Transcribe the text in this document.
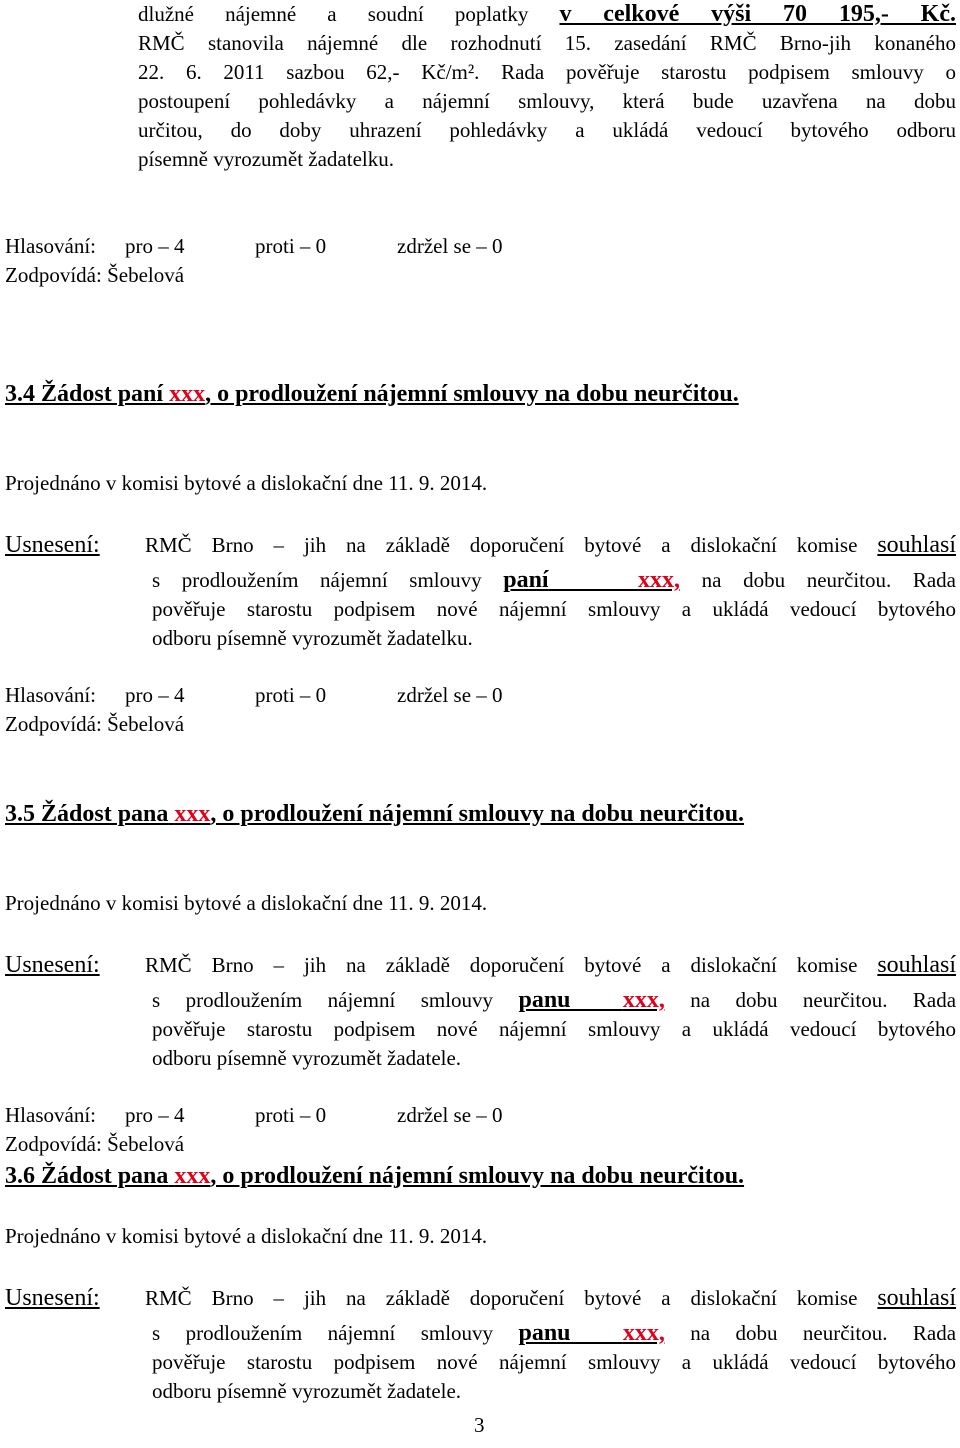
dlužné nájemné a soudní poplatky v celkové výši 70 195,- Kč.
RMČ stanovila nájemné dle rozhodnutí 15. zasedání RMČ Brno-jih konaného
22. 6. 2011 sazbou 62,- Kč/m². Rada pověřuje starostu podpisem smlouvy o
postoupení pohledávky a nájemní smlouvy, která bude uzavřena na dobu
určitou, do doby uhrazení pohledávky a ukládá vedoucí bytového odboru
písemně vyrozumět žadatelku.
Hlasování: pro – 4	proti – 0	zdržel se – 0
Zodpovídá: Šebelová
3.4 Žádost paní xxx, o prodloužení nájemní smlouvy na dobu neurčitou.
Projednáno v komisi bytové a dislokační dne 11. 9. 2014.
Usnesení:	RMČ Brno – jih na základě doporučení bytové a dislokační komise souhlasí
s prodloužením nájemní smlouvy paní	xxx, na dobu neurčitou. Rada
pověřuje starostu podpisem nové nájemní smlouvy a ukládá vedoucí bytového
odboru písemně vyrozumět žadatelku.
Hlasování: pro – 4	proti – 0	zdržel se – 0
Zodpovídá: Šebelová
3.5 Žádost pana xxx, o prodloužení nájemní smlouvy na dobu neurčitou.
Projednáno v komisi bytové a dislokační dne 11. 9. 2014.
Usnesení:	RMČ Brno – jih na základě doporučení bytové a dislokační komise souhlasí
s prodloužením nájemní smlouvy panu xxx, na dobu neurčitou. Rada
pověřuje starostu podpisem nové nájemní smlouvy a ukládá vedoucí bytového
odboru písemně vyrozumět žadatele.
Hlasování: pro – 4	proti – 0	zdržel se – 0
Zodpovídá: Šebelová
3.6 Žádost pana xxx, o prodloužení nájemní smlouvy na dobu neurčitou.
Projednáno v komisi bytové a dislokační dne 11. 9. 2014.
Usnesení:	RMČ Brno – jih na základě doporučení bytové a dislokační komise souhlasí
s prodloužením nájemní smlouvy panu xxx, na dobu neurčitou. Rada
pověřuje starostu podpisem nové nájemní smlouvy a ukládá vedoucí bytového
odboru písemně vyrozumět žadatele.
3
